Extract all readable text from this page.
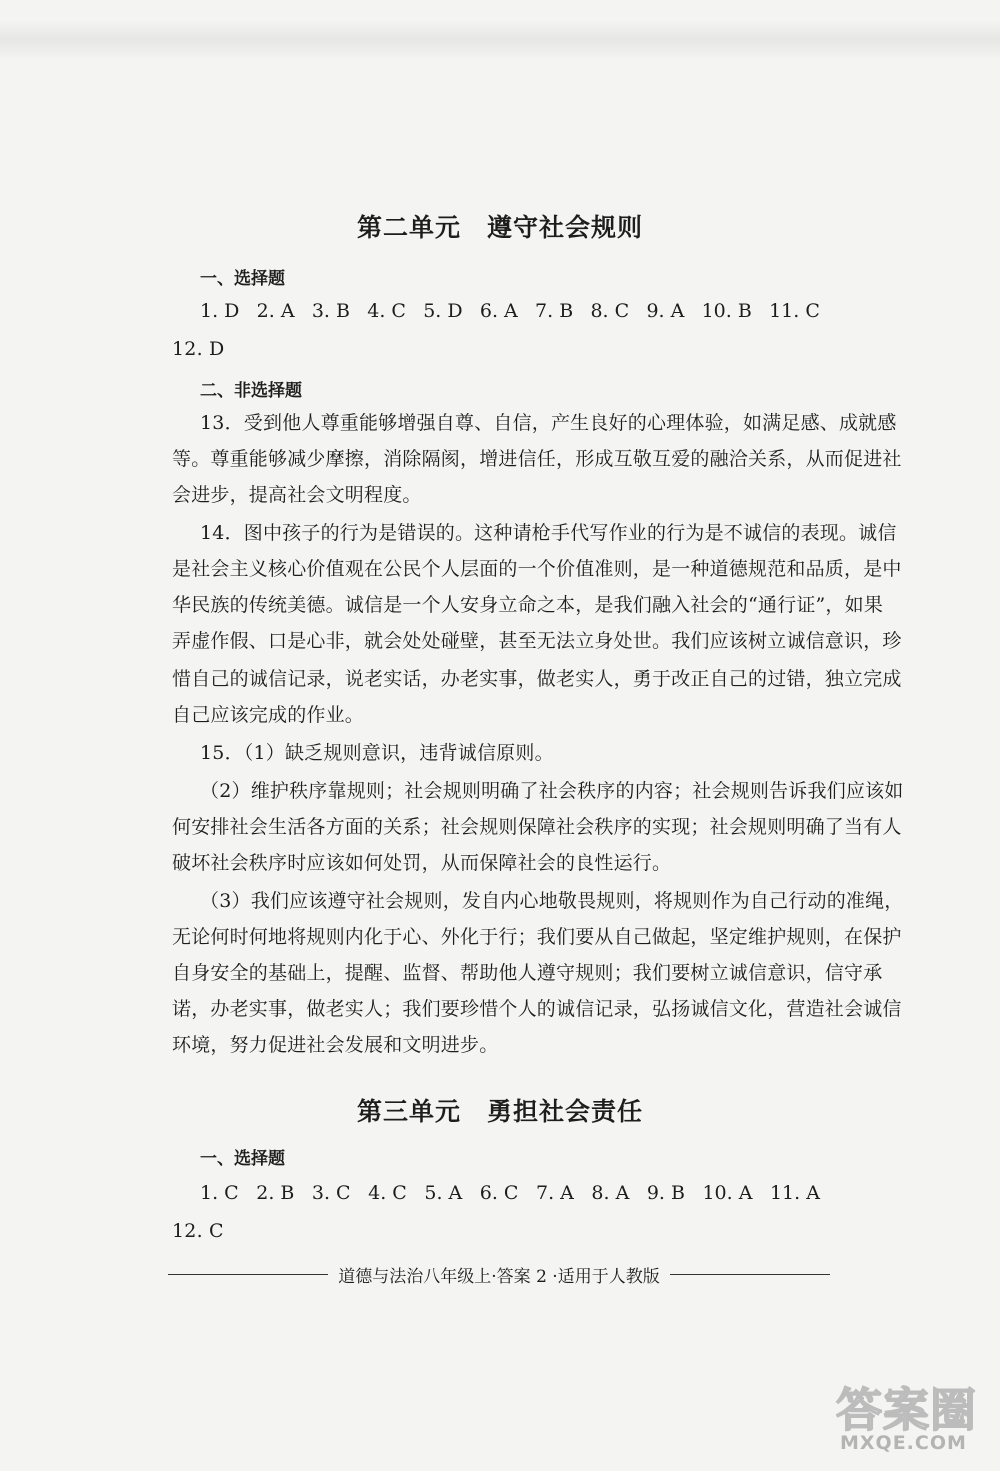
第二单元　遵守社会规则
一、选择题
1. D 2. A 3. B 4. C 5. D 6. A 7. B 8. C 9. A 10. B 11. C
12. D
二、非选择题
13．受到他人尊重能够增强自尊、自信，产生良好的心理体验，如满足感、成就感
等。尊重能够减少摩擦，消除隔阂，增进信任，形成互敬互爱的融洽关系，从而促进社
会进步，提高社会文明程度。
14．图中孩子的行为是错误的。这种请枪手代写作业的行为是不诚信的表现。诚信
是社会主义核心价值观在公民个人层面的一个价值准则，是一种道德规范和品质，是中
华民族的传统美德。诚信是一个人安身立命之本，是我们融入社会的“通行证”，如果
弄虚作假、口是心非，就会处处碰壁，甚至无法立身处世。我们应该树立诚信意识，珍
惜自己的诚信记录，说老实话，办老实事，做老实人，勇于改正自己的过错，独立完成
自己应该完成的作业。
15．（1）缺乏规则意识，违背诚信原则。
（2）维护秩序靠规则；社会规则明确了社会秩序的内容；社会规则告诉我们应该如
何安排社会生活各方面的关系；社会规则保障社会秩序的实现；社会规则明确了当有人
破坏社会秩序时应该如何处罚，从而保障社会的良性运行。
（3）我们应该遵守社会规则，发自内心地敬畏规则，将规则作为自己行动的准绳，
无论何时何地将规则内化于心、外化于行；我们要从自己做起，坚定维护规则，在保护
自身安全的基础上，提醒、监督、帮助他人遵守规则；我们要树立诚信意识，信守承
诺，办老实事，做老实人；我们要珍惜个人的诚信记录，弘扬诚信文化，营造社会诚信
环境，努力促进社会发展和文明进步。
第三单元　勇担社会责任
一、选择题
1. C 2. B 3. C 4. C 5. A 6. C 7. A 8. A 9. B 10. A 11. A
12. C
道德与法治八年级上·答案 2 ·适用于人教版
答案圈
MXQE.COM
